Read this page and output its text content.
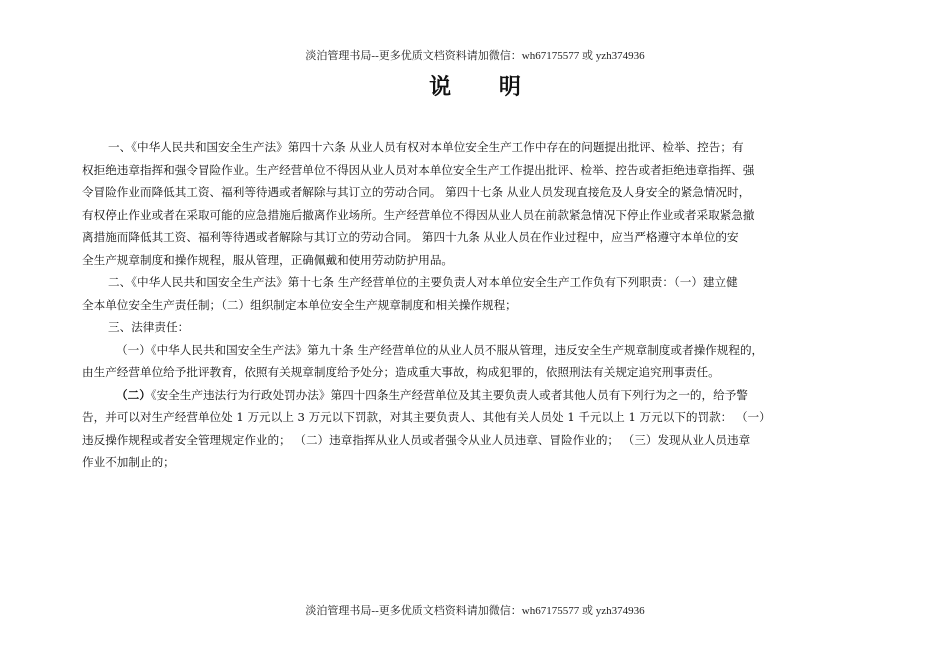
淡泊管理书局--更多优质文档资料请加微信：wh67175577 或 yzh374936
说 明
一、《中华人民共和国安全生产法》第四十六条 从业人员有权对本单位安全生产工作中存在的问题提出批评、检举、控告；有
权拒绝违章指挥和强令冒险作业。生产经营单位不得因从业人员对本单位安全生产工作提出批评、检举、控告或者拒绝违章指挥、强
令冒险作业而降低其工资、福利等待遇或者解除与其订立的劳动合同。 第四十七条 从业人员发现直接危及人身安全的紧急情况时，
有权停止作业或者在采取可能的应急措施后撤离作业场所。生产经营单位不得因从业人员在前款紧急情况下停止作业或者采取紧急撤
离措施而降低其工资、福利等待遇或者解除与其订立的劳动合同。 第四十九条 从业人员在作业过程中，应当严格遵守本单位的安
全生产规章制度和操作规程，服从管理，正确佩戴和使用劳动防护用品。
二、《中华人民共和国安全生产法》第十七条 生产经营单位的主要负责人对本单位安全生产工作负有下列职责：（一）建立健
全本单位安全生产责任制；（二）组织制定本单位安全生产规章制度和相关操作规程；
三、法律责任：
（一）《中华人民共和国安全生产法》第九十条 生产经营单位的从业人员不服从管理，违反安全生产规章制度或者操作规程的，
由生产经营单位给予批评教育，依照有关规章制度给予处分；造成重大事故，构成犯罪的，依照刑法有关规定追究刑事责任。
（二）《安全生产违法行为行政处罚办法》第四十四条生产经营单位及其主要负责人或者其他人员有下列行为之一的，给予警
告，并可以对生产经营单位处 1 万元以上 3 万元以下罚款，对其主要负责人、其他有关人员处 1 千元以上 1 万元以下的罚款： （一）
违反操作规程或者安全管理规定作业的； （二）违章指挥从业人员或者强令从业人员违章、冒险作业的； （三）发现从业人员违章
作业不加制止的；
淡泊管理书局--更多优质文档资料请加微信：wh67175577 或 yzh374936
